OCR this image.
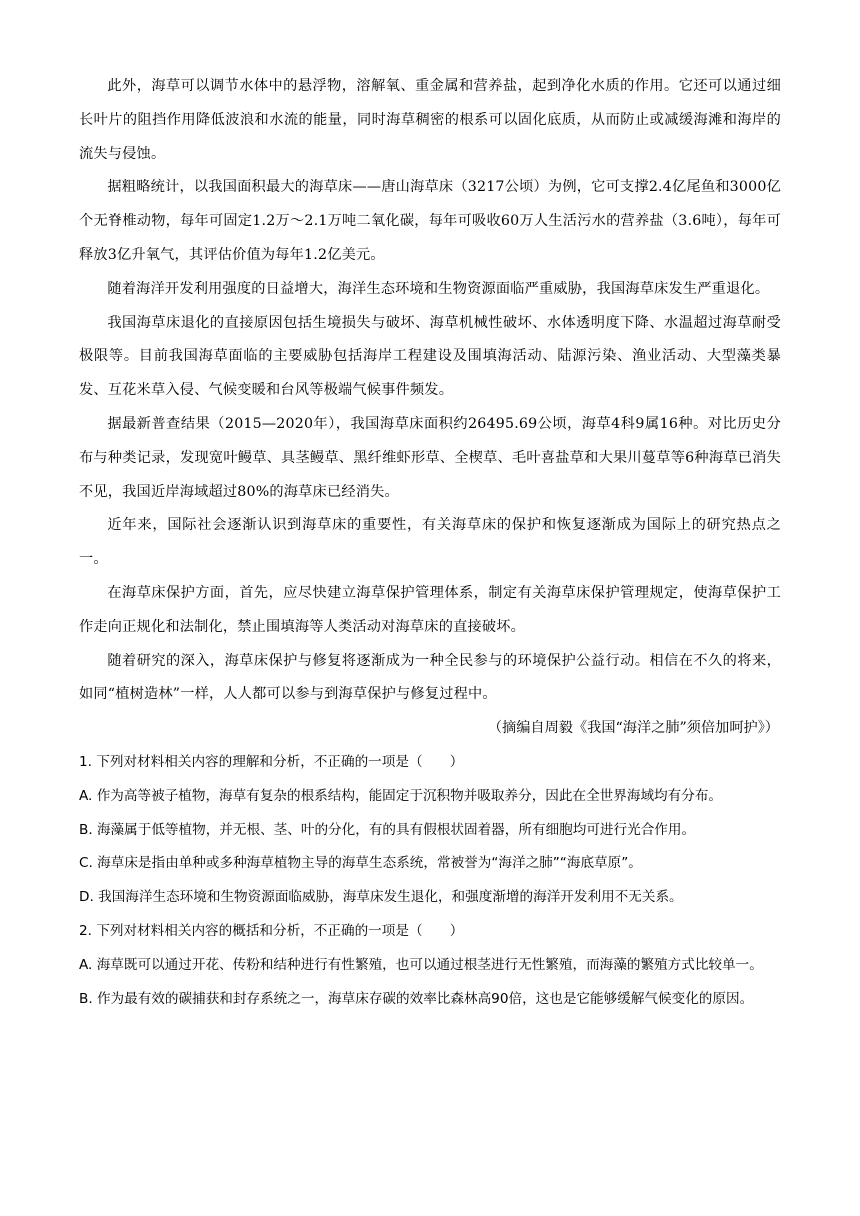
此外，海草可以调节水体中的悬浮物，溶解氧、重金属和营养盐，起到净化水质的作用。它还可以通过细长叶片的阻挡作用降低波浪和水流的能量，同时海草稠密的根系可以固化底质，从而防止或减缓海滩和海岸的流失与侵蚀。

据粗略统计，以我国面积最大的海草床——唐山海草床（3217公顷）为例，它可支撑2.4亿尾鱼和3000亿个无脊椎动物，每年可固定1.2万～2.1万吨二氧化碳，每年可吸收60万人生活污水的营养盐（3.6吨），每年可释放3亿升氧气，其评估价值为每年1.2亿美元。

随着海洋开发利用强度的日益增大，海洋生态环境和生物资源面临严重威胁，我国海草床发生严重退化。

我国海草床退化的直接原因包括生境损失与破坏、海草机械性破坏、水体透明度下降、水温超过海草耐受极限等。目前我国海草面临的主要威胁包括海岸工程建设及围填海活动、陆源污染、渔业活动、大型藻类暴发、互花米草入侵、气候变暖和台风等极端气候事件频发。

据最新普查结果（2015—2020年），我国海草床面积约26495.69公顷，海草4科9属16种。对比历史分布与种类记录，发现宽叶鳗草、具茎鳗草、黑纤维虾形草、全楔草、毛叶喜盐草和大果川蔓草等6种海草已消失不见，我国近岸海域超过80%的海草床已经消失。

近年来，国际社会逐渐认识到海草床的重要性，有关海草床的保护和恢复逐渐成为国际上的研究热点之一。

在海草床保护方面，首先，应尽快建立海草保护管理体系，制定有关海草床保护管理规定，使海草保护工作走向正规化和法制化，禁止围填海等人类活动对海草床的直接破坏。

随着研究的深入，海草床保护与修复将逐渐成为一种全民参与的环境保护公益行动。相信在不久的将来，如同“植树造林”一样，人人都可以参与到海草保护与修复过程中。

（摘编自周毅《我国“海洋之肺”须倍加呵护》）

1. 下列对材料相关内容的理解和分析，不正确的一项是（　　）

A. 作为高等被子植物，海草有复杂的根系结构，能固定于沉积物并吸取养分，因此在全世界海域均有分布。

B. 海藻属于低等植物，并无根、茎、叶的分化，有的具有假根状固着器，所有细胞均可进行光合作用。

C. 海草床是指由单种或多种海草植物主导的海草生态系统，常被誉为“海洋之肺”“海底草原”。

D. 我国海洋生态环境和生物资源面临威胁，海草床发生退化，和强度渐增的海洋开发利用不无关系。

2. 下列对材料相关内容的概括和分析，不正确的一项是（　　）

A. 海草既可以通过开花、传粉和结种进行有性繁殖，也可以通过根茎进行无性繁殖，而海藻的繁殖方式比较单一。

B. 作为最有效的碳捕获和封存系统之一，海草床存碳的效率比森林高90倍，这也是它能够缓解气候变化的原因。
